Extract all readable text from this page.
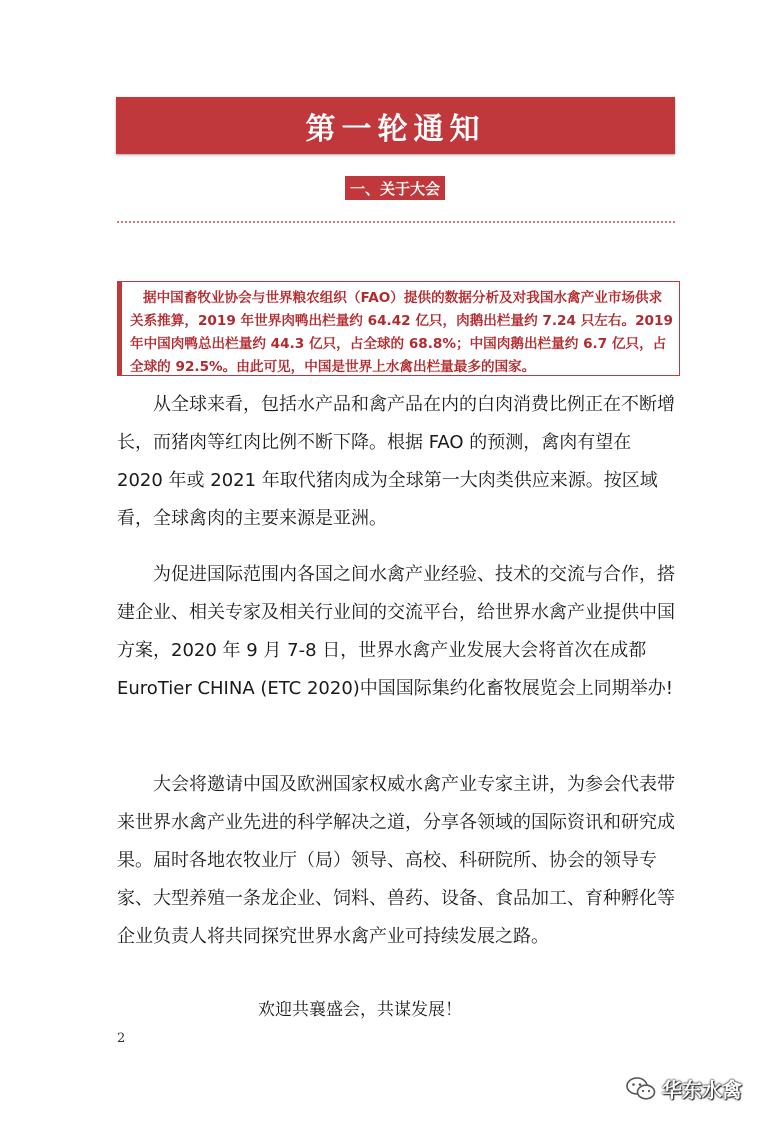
第一轮通知
一、关于大会
据中国畜牧业协会与世界粮农组织（FAO）提供的数据分析及对我国水禽产业市场供求关系推算，2019 年世界肉鸭出栏量约 64.42 亿只，肉鹅出栏量约 7.24 只左右。2019 年中国肉鸭总出栏量约 44.3 亿只，占全球的 68.8%；中国肉鹅出栏量约 6.7 亿只，占全球的 92.5%。由此可见，中国是世界上水禽出栏量最多的国家。

从全球来看，包括水产品和禽产品在内的白肉消费比例正在不断增长，而猪肉等红肉比例不断下降。根据 FAO 的预测，禽肉有望在 2020 年或 2021 年取代猪肉成为全球第一大肉类供应来源。按区域看，全球禽肉的主要来源是亚洲。

为促进国际范围内各国之间水禽产业经验、技术的交流与合作，搭建企业、相关专家及相关行业间的交流平台，给世界水禽产业提供中国方案，2020 年 9 月 7-8 日，世界水禽产业发展大会将首次在成都 EuroTier CHINA (ETC 2020)中国国际集约化畜牧展览会上同期举办!

大会将邀请中国及欧洲国家权威水禽产业专家主讲，为参会代表带来世界水禽产业先进的科学解决之道，分享各领域的国际资讯和研究成果。届时各地农牧业厅（局）领导、高校、科研院所、协会的领导专家、大型养殖一条龙企业、饲料、兽药、设备、食品加工、育种孵化等企业负责人将共同探究世界水禽产业可持续发展之路。

欢迎共襄盛会，共谋发展！
2
华东水禽
